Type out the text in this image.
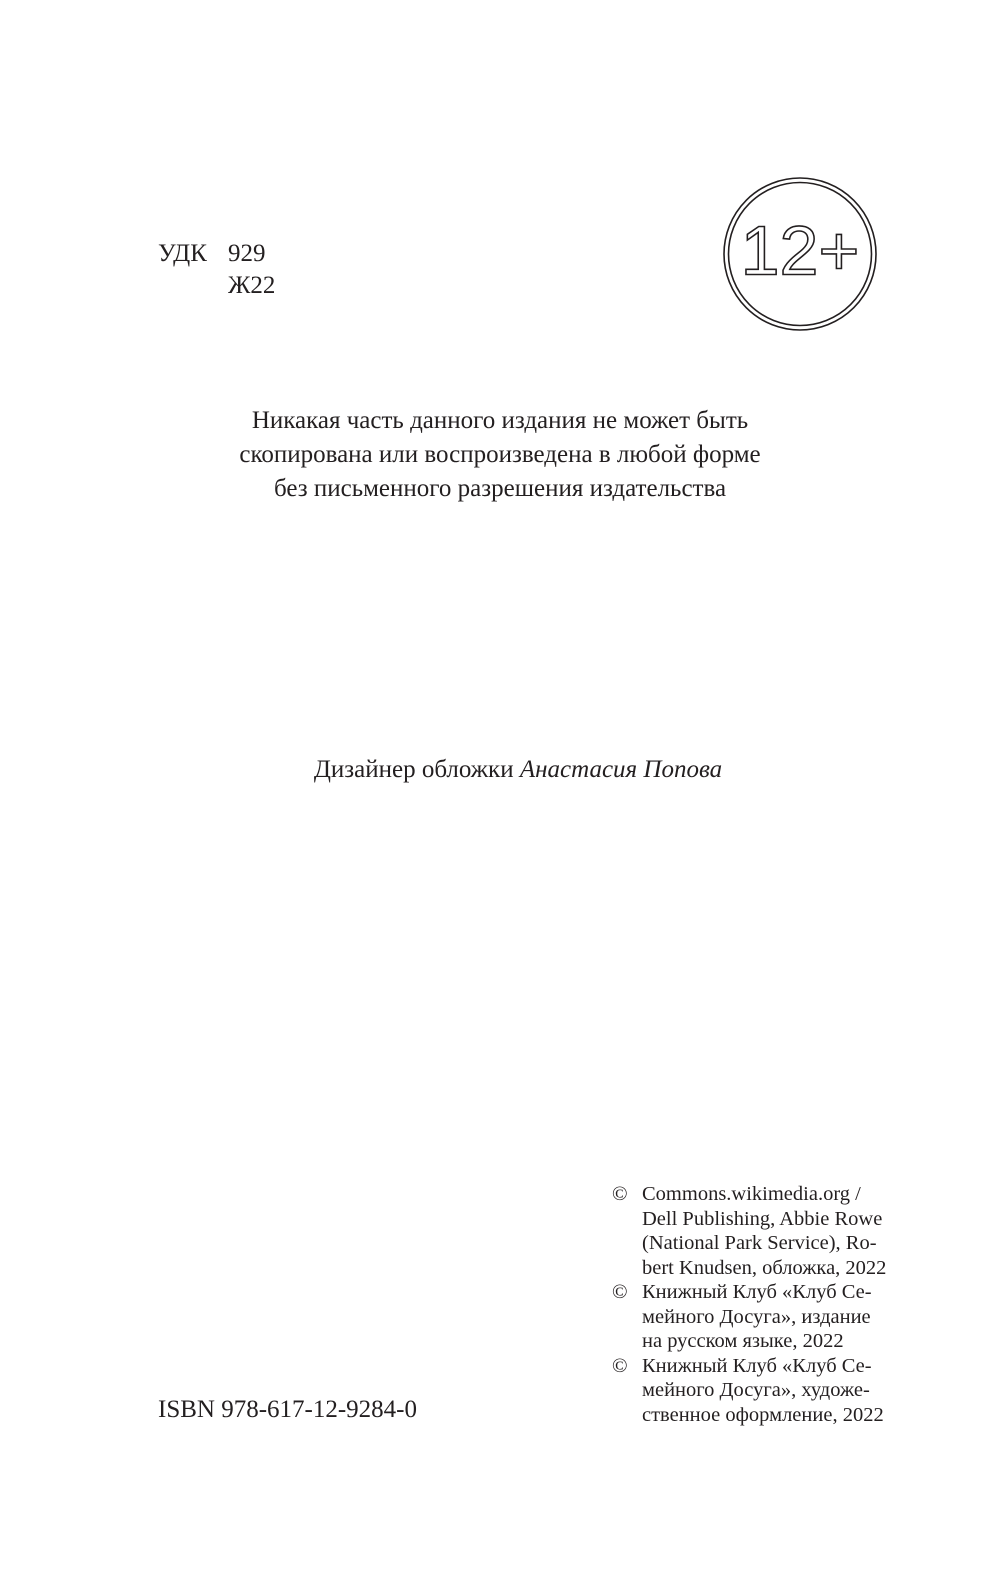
УДК 929
Ж22	12+
Никакая часть данного издания не может быть
скопирована или воспроизведена в любой форме
без письменного разрешения издательства
Дизайнер обложки Анастасия Попова
ISBN 978-617-12-9284-0
© Commons.wikimedia.org /
Dell Publishing, Abbie Rowe
(National Park Service), Ro-
bert Knudsen, обложка, 2022
© Книжный Клуб «Клуб Се-
мейного Досуга», издание
на русском языке, 2022
© Книжный Клуб «Клуб Се-
мейного Досуга», художе-
ственное оформление, 2022
